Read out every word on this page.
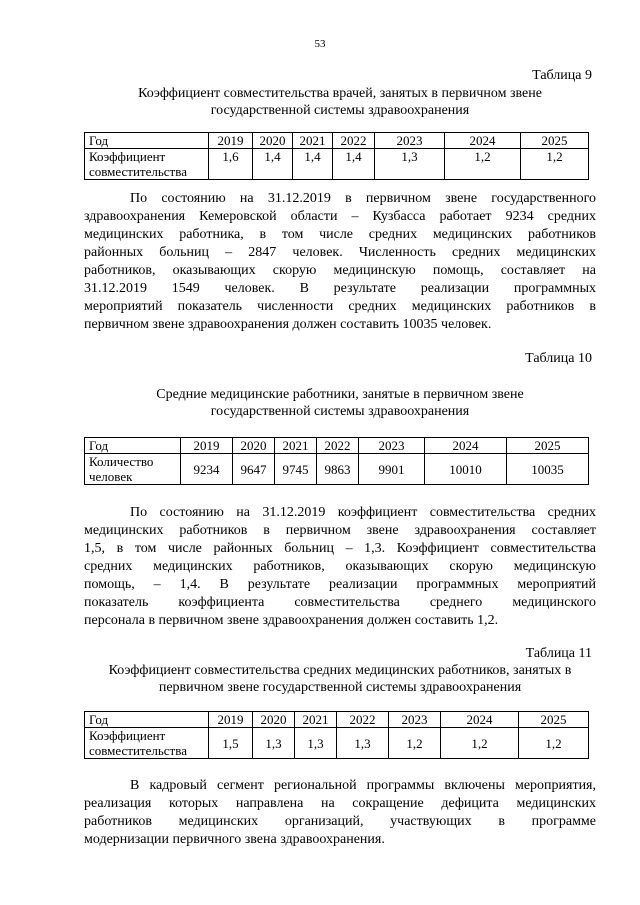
53
Таблица 9
Коэффициент совместительства врачей, занятых в первичном звене
государственной системы здравоохранения
Год	2019	2020	2021	2022	2023	2024	2025

Коэффициент
совместительства	1,6	1,4	1,4	1,4	1,3	1,2	1,2
По состоянию на 31.12.2019 в первичном звене государственного
здравоохранения Кемеровской области – Кузбасса работает 9234 средних
медицинских работника, в том числе средних медицинских работников
районных больниц – 2847 человек. Численность средних медицинских
работников, оказывающих скорую медицинскую помощь, составляет на
31.12.2019 1549 человек. В результате реализации программных
мероприятий показатель численности средних медицинских работников в
первичном звене здравоохранения должен составить 10035 человек.
Таблица 10
Средние медицинские работники, занятые в первичном звене
государственной системы здравоохранения
Год	2019	2020	2021	2022	2023	2024	2025

Количество
человек	9234	9647	9745	9863	9901	10010	10035
По состоянию на 31.12.2019 коэффициент совместительства средних
медицинских работников в первичном звене здравоохранения составляет
1,5, в том числе районных больниц – 1,3. Коэффициент совместительства
средних медицинских работников, оказывающих скорую медицинскую
помощь, – 1,4. В результате реализации программных мероприятий
показатель коэффициента совместительства среднего медицинского
персонала в первичном звене здравоохранения должен составить 1,2.
Таблица 11
Коэффициент совместительства средних медицинских работников, занятых в
первичном звене государственной системы здравоохранения
Год	2019	2020	2021	2022	2023	2024	2025

Коэффициент
совместительства	1,5	1,3	1,3	1,3	1,2	1,2	1,2
В кадровый сегмент региональной программы включены мероприятия,
реализация которых направлена на сокращение дефицита медицинских
работников медицинских организаций, участвующих в программе
модернизации первичного звена здравоохранения.
